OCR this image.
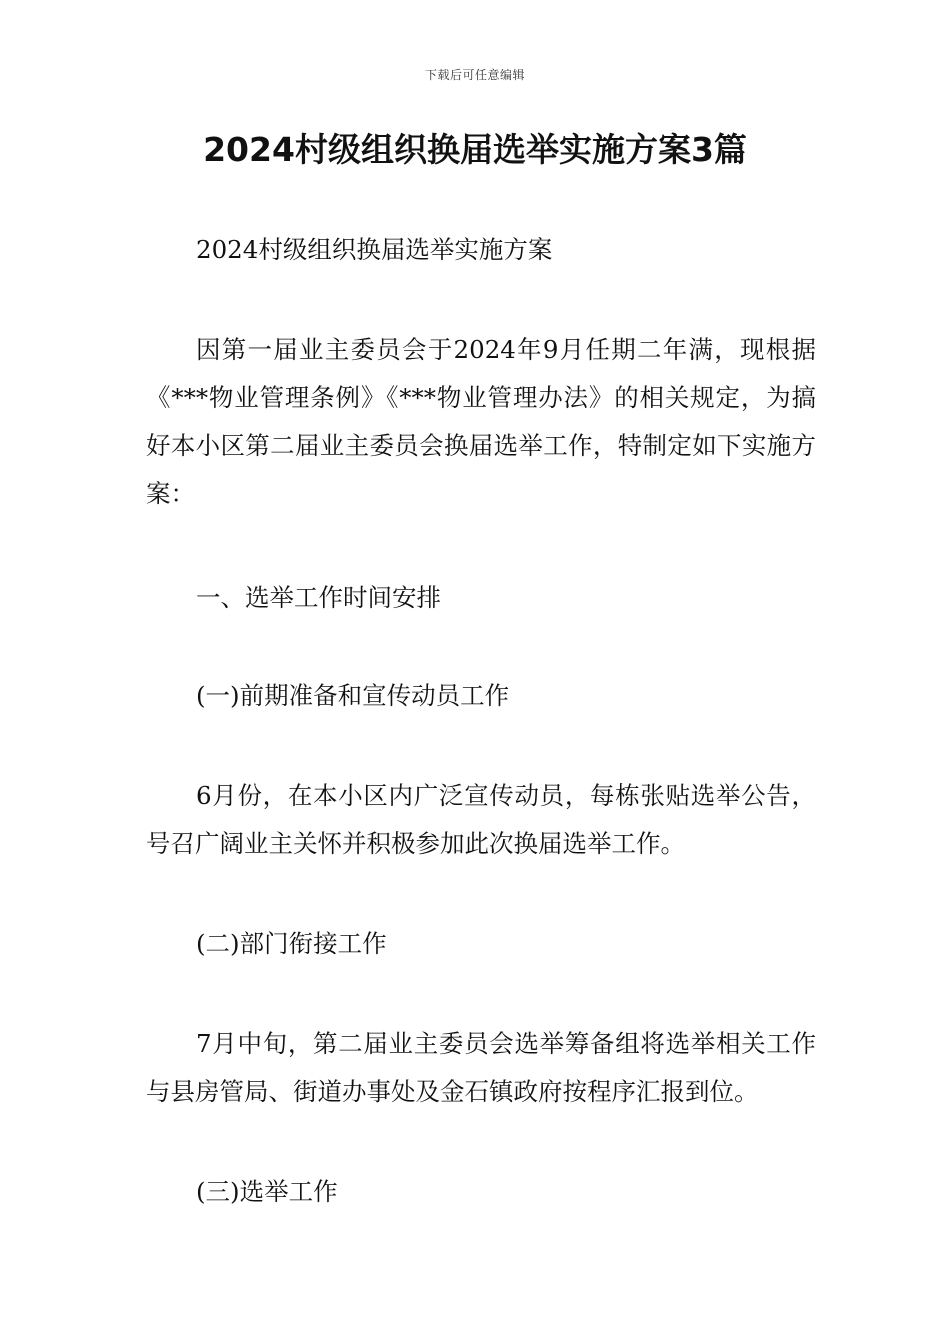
下载后可任意编辑
2024村级组织换届选举实施方案3篇

2024村级组织换届选举实施方案

因第一届业主委员会于2024年9月任期二年满，现根据《***物业管理条例》《***物业管理办法》的相关规定，为搞好本小区第二届业主委员会换届选举工作，特制定如下实施方案：

一、选举工作时间安排

(一)前期准备和宣传动员工作

6月份，在本小区内广泛宣传动员，每栋张贴选举公告，号召广阔业主关怀并积极参加此次换届选举工作。

(二)部门衔接工作

7月中旬，第二届业主委员会选举筹备组将选举相关工作与县房管局、街道办事处及金石镇政府按程序汇报到位。

(三)选举工作
